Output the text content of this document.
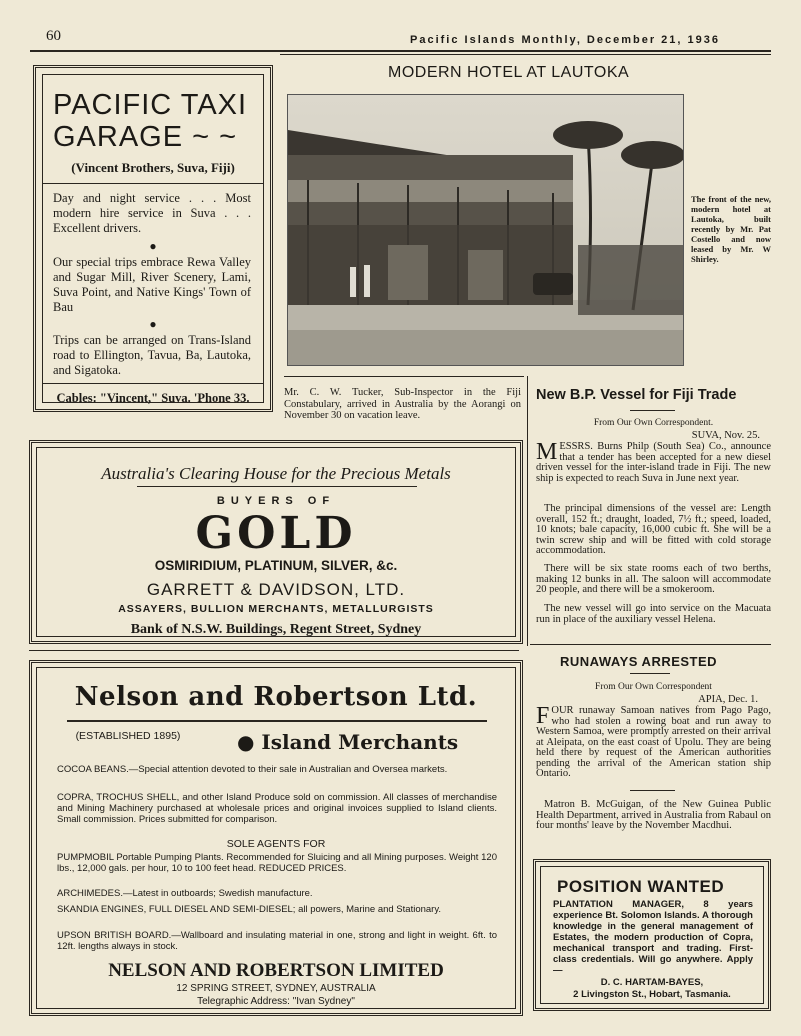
60	Pacific Islands Monthly, December 21, 1936
PACIFIC TAXI
GARAGE ~ ~
(Vincent Brothers, Suva, Fiji)
Day and night service . . . Most modern hire service in Suva . . . Excellent drivers.
●
Our special trips embrace Rewa Valley and Sugar Mill, River Scenery, Lami, Suva Point, and Native Kings' Town of Bau
●
Trips can be arranged on Trans-Island road to Ellington, Tavua, Ba, Lautoka, and Sigatoka.
Cables: "Vincent," Suva. 'Phone 33.
MODERN HOTEL AT LAUTOKA
The front of the new, modern hotel at Lautoka, built recently by Mr. Pat Costello and now leased by Mr. W Shirley.
Mr. C. W. Tucker, Sub-Inspector in the Fiji Constabulary, arrived in Australia by the Aorangi on November 30 on vacation leave.
New B.P. Vessel for Fiji Trade
From Our Own Correspondent.
SUVA, Nov. 25.
MESSRS. Burns Philp (South Sea) Co., announce that a tender has been accepted for a new diesel driven vessel for the inter-island trade in Fiji. The new ship is expected to reach Suva in June next year.
The principal dimensions of the vessel are: Length overall, 152 ft.; draught, loaded, 7½ ft.; speed, loaded, 10 knots; bale capacity, 16,000 cubic ft. She will be a twin screw ship and will be fitted with cold storage accommodation.
There will be six state rooms each of two berths, making 12 bunks in all. The saloon will accommodate 20 people, and there will be a smokeroom.
The new vessel will go into service on the Macuata run in place of the auxiliary vessel Helena.
Australia's Clearing House for the Precious Metals
BUYERS OF
GOLD
OSMIRIDIUM, PLATINUM, SILVER, &c.
GARRETT & DAVIDSON, LTD.
ASSAYERS, BULLION MERCHANTS, METALLURGISTS
Bank of N.S.W. Buildings, Regent Street, Sydney
Nelson and Robertson Ltd.
(ESTABLISHED 1895)	● Island Merchants
COCOA BEANS.—Special attention devoted to their sale in Australian and Oversea markets.
COPRA, TROCHUS SHELL, and other Island Produce sold on commission. All classes of merchandise and Mining Machinery purchased at wholesale prices and original invoices supplied to Island clients. Small commission. Prices submitted for comparison.
SOLE AGENTS FOR
PUMPMOBIL Portable Pumping Plants. Recommended for Sluicing and all Mining purposes. Weight 120 lbs., 12,000 gals. per hour, 10 to 100 feet head. REDUCED PRICES.
ARCHIMEDES.—Latest in outboards; Swedish manufacture.
SKANDIA ENGINES, FULL DIESEL AND SEMI-DIESEL; all powers, Marine and Stationary.
UPSON BRITISH BOARD.—Wallboard and insulating material in one, strong and light in weight. 6ft. to 12ft. lengths always in stock.
NELSON AND ROBERTSON LIMITED
12 SPRING STREET, SYDNEY, AUSTRALIA
Telegraphic Address: "Ivan Sydney"
RUNAWAYS ARRESTED
From Our Own Correspondent
APIA, Dec. 1.
FOUR runaway Samoan natives from Pago Pago, who had stolen a rowing boat and run away to Western Samoa, were promptly arrested on their arrival at Aleipata, on the east coast of Upolu. They are being held there by request of the American authorities pending the arrival of the American station ship Ontario.
Matron B. McGuigan, of the New Guinea Public Health Department, arrived in Australia from Rabaul on four months' leave by the November Macdhui.
POSITION WANTED
PLANTATION MANAGER, 8 years experience Bt. Solomon Islands. A thorough knowledge in the general management of Estates, the modern production of Copra, mechanical transport and trading. First-class credentials. Will go anywhere. Apply—
D. C. HARTAM-BAYES,
2 Livingston St., Hobart, Tasmania.
